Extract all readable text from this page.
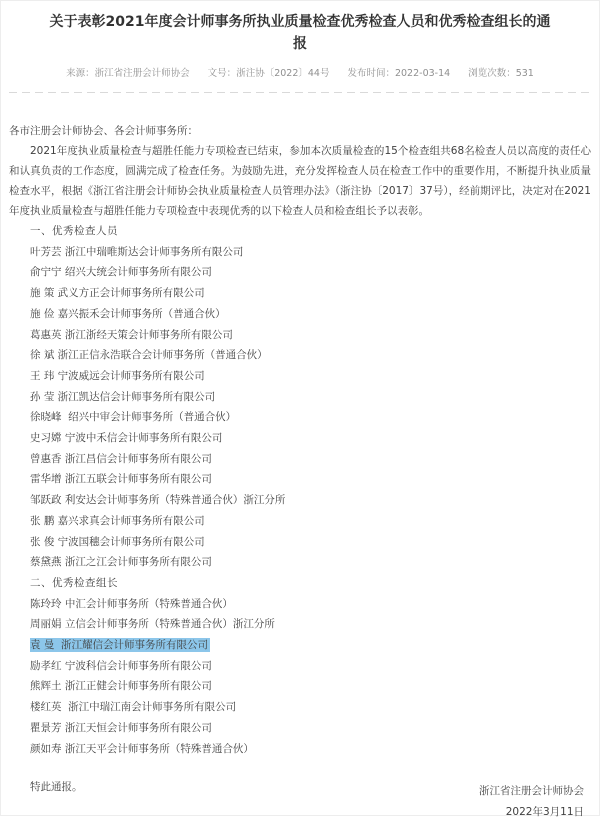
关于表彰2021年度会计师事务所执业质量检查优秀检查人员和优秀检查组长的通报
来源：浙江省注册会计师协会 文号：浙注协〔2022〕44号 发布时间：2022-03-14 浏览次数：531

各市注册会计师协会、各会计师事务所：

2021年度执业质量检查与超胜任能力专项检查已结束，参加本次质量检查的15个检查组共68名检查人员以高度的责任心和认真负责的工作态度，圆满完成了检查任务。为鼓励先进，充分发挥检查人员在检查工作中的重要作用，不断提升执业质量检查水平，根据《浙江省注册会计师协会执业质量检查人员管理办法》（浙注协〔2017〕37号），经前期评比，决定对在2021年度执业质量检查与超胜任能力专项检查中表现优秀的以下检查人员和检查组长予以表彰。

一、优秀检查人员

叶芳芸 浙江中瑞唯斯达会计师事务所有限公司

俞宁宁 绍兴大统会计师事务所有限公司

施 策 武义方正会计师事务所有限公司

施 俭 嘉兴振禾会计师事务所（普通合伙）

葛惠英 浙江浙经天策会计师事务所有限公司

徐 斌 浙江正信永浩联合会计师事务所（普通合伙）

王 玮 宁波威远会计师事务所有限公司

孙 莹 浙江凯达信会计师事务所有限公司

徐晓峰  绍兴中审会计师事务所（普通合伙）

史习嫦 宁波中禾信会计师事务所有限公司

曾惠香 浙江昌信会计师事务所有限公司

雷华增 浙江五联会计师事务所有限公司

邹跃政 利安达会计师事务所（特殊普通合伙）浙江分所

张 鹏 嘉兴求真会计师事务所有限公司

张 俊 宁波国穗会计师事务所有限公司

蔡黛燕 浙江之江会计师事务所有限公司

二、优秀检查组长

陈玲玲 中汇会计师事务所（特殊普通合伙）

周丽娟 立信会计师事务所（特殊普通合伙）浙江分所

袁 曼  浙江耀信会计师事务所有限公司

励孝红 宁波科信会计师事务所有限公司

熊辉土 浙江正健会计师事务所有限公司

楼红英  浙江中瑞江南会计师事务所有限公司

瞿景芳 浙江天恒会计师事务所有限公司

颜如寿 浙江天平会计师事务所（特殊普通合伙）

特此通报。	浙江省注册会计师协会

2022年3月11日
